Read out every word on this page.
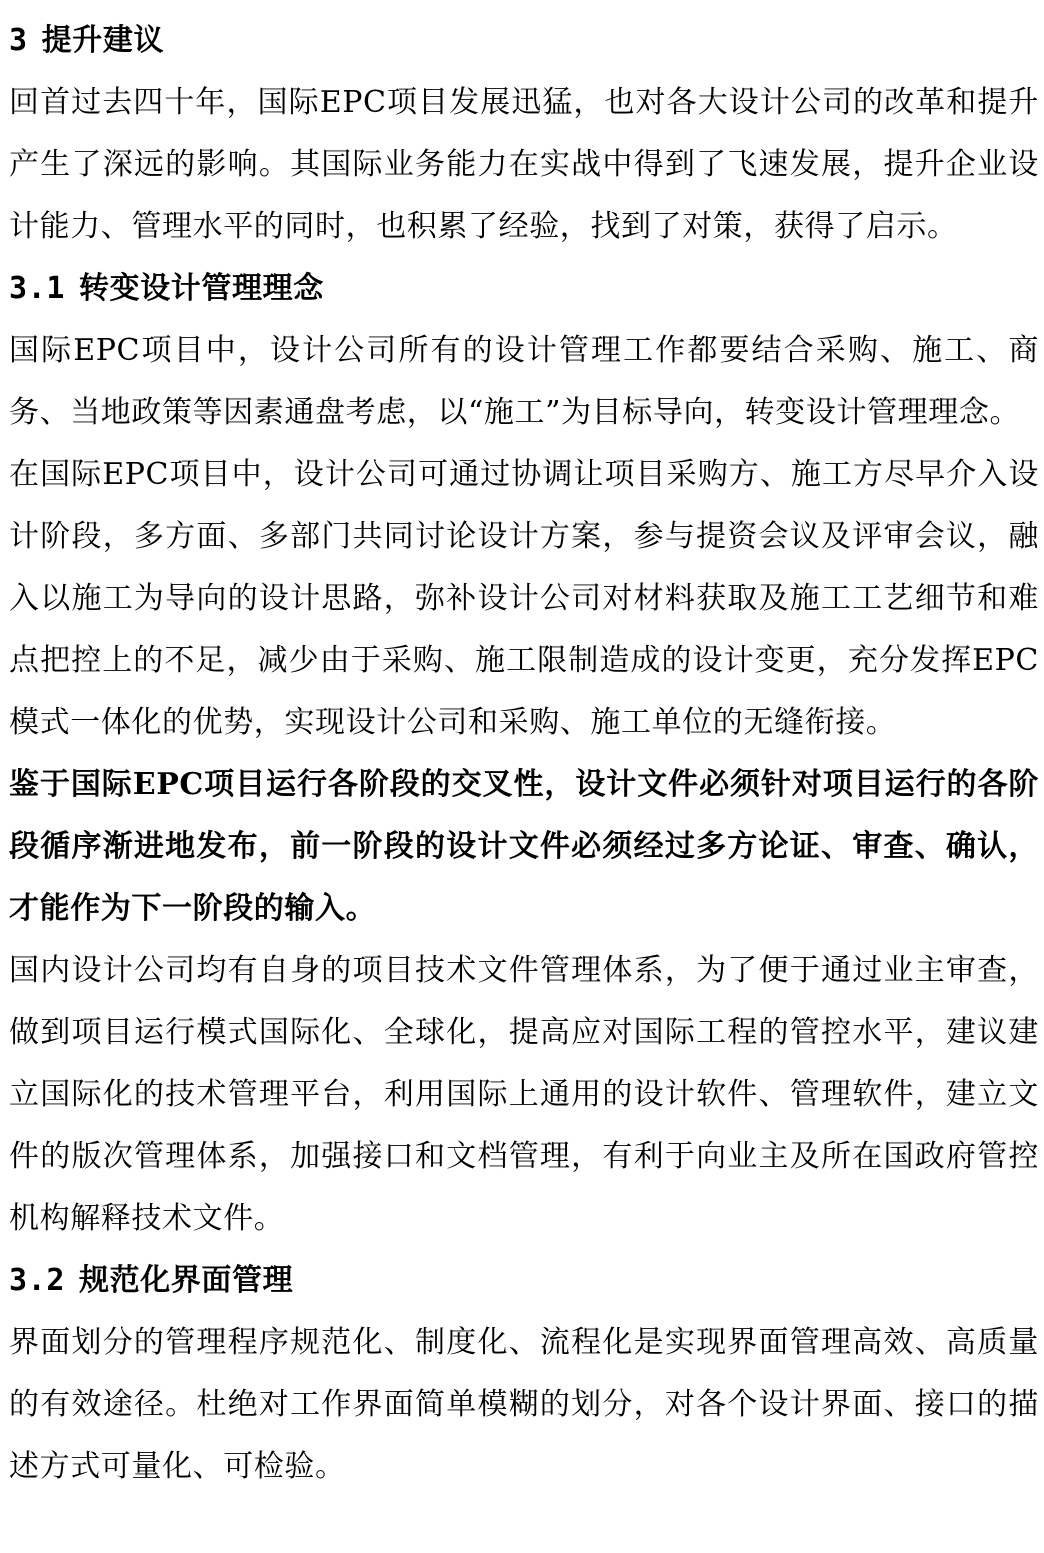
3 提升建议

回首过去四十年，国际EPC项目发展迅猛，也对各大设计公司的改革和提升产生了深远的影响。其国际业务能力在实战中得到了飞速发展，提升企业设计能力、管理水平的同时，也积累了经验，找到了对策，获得了启示。

3.1 转变设计管理理念

国际EPC项目中，设计公司所有的设计管理工作都要结合采购、施工、商务、当地政策等因素通盘考虑，以“施工”为目标导向，转变设计管理理念。

在国际EPC项目中，设计公司可通过协调让项目采购方、施工方尽早介入设计阶段，多方面、多部门共同讨论设计方案，参与提资会议及评审会议，融入以施工为导向的设计思路，弥补设计公司对材料获取及施工工艺细节和难点把控上的不足，减少由于采购、施工限制造成的设计变更，充分发挥EPC模式一体化的优势，实现设计公司和采购、施工单位的无缝衔接。

鉴于国际EPC项目运行各阶段的交叉性，设计文件必须针对项目运行的各阶段循序渐进地发布，前一阶段的设计文件必须经过多方论证、审查、确认，才能作为下一阶段的输入。

国内设计公司均有自身的项目技术文件管理体系，为了便于通过业主审查，做到项目运行模式国际化、全球化，提高应对国际工程的管控水平，建议建立国际化的技术管理平台，利用国际上通用的设计软件、管理软件，建立文件的版次管理体系，加强接口和文档管理，有利于向业主及所在国政府管控机构解释技术文件。

3.2 规范化界面管理

界面划分的管理程序规范化、制度化、流程化是实现界面管理高效、高质量的有效途径。杜绝对工作界面简单模糊的划分，对各个设计界面、接口的描述方式可量化、可检验。
